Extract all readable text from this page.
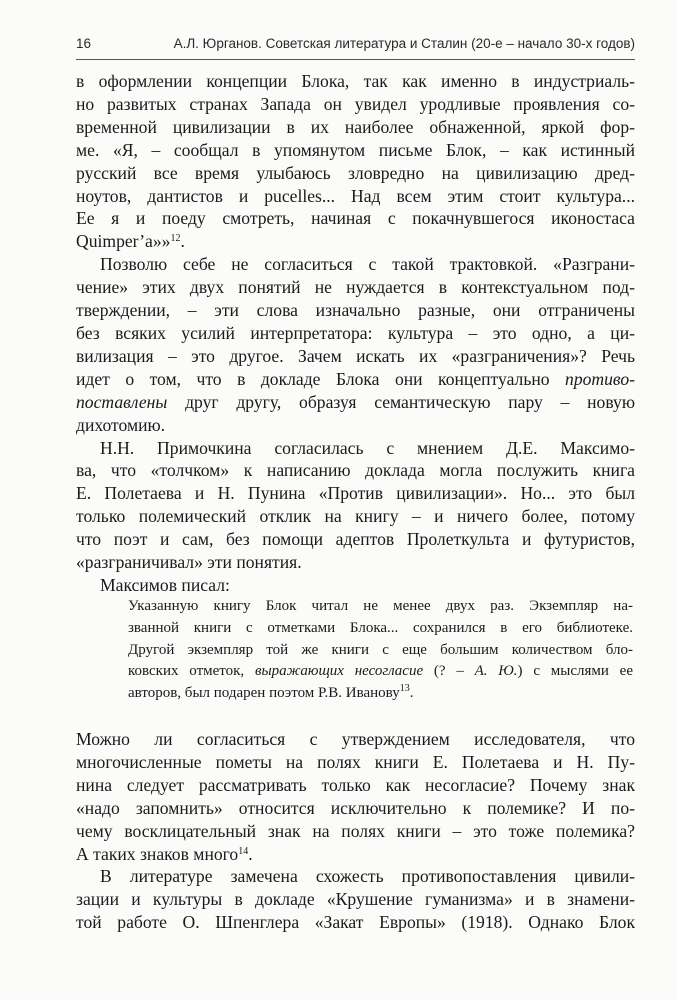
16	А.Л. Юрганов. Советская литература и Сталин (20-е – начало 30-х годов)
в оформлении концепции Блока, так как именно в индустриаль-
но развитых странах Запада он увидел уродливые проявления со-
временной цивилизации в их наиболее обнаженной, яркой фор-
ме. «Я, – сообщал в упомянутом письме Блок, – как истинный
русский все время улыбаюсь зловредно на цивилизацию дред-
ноутов, дантистов и pucelles... Над всем этим стоит культура...
Ее я и поеду смотреть, начиная с покачнувшегося иконостаса
Quimper’а»»$^{12}$.
Позволю себе не согласиться с такой трактовкой. «Разграни-
чение» этих двух понятий не нуждается в контекстуальном под-
тверждении, – эти слова изначально разные, они отграничены
без всяких усилий интерпретатора: культура – это одно, а ци-
вилизация – это другое. Зачем искать их «разграничения»? Речь
идет о том, что в докладе Блока они концептуально противо-
поставлены друг другу, образуя семантическую пару – новую
дихотомию.
Н.Н. Примочкина согласилась с мнением Д.Е. Максимо-
ва, что «толчком» к написанию доклада могла послужить книга
Е. Полетаева и Н. Пунина «Против цивилизации». Но... это был
только полемический отклик на книгу – и ничего более, потому
что поэт и сам, без помощи адептов Пролеткульта и футуристов,
«разграничивал» эти понятия.
Максимов писал:
Указанную книгу Блок читал не менее двух раз. Экземпляр на-
званной книги с отметками Блока... сохранился в его библиотеке.
Другой экземпляр той же книги с еще большим количеством бло-
ковских отметок, выражающих несогласие (? – А. Ю.) с мыслями ее
авторов, был подарен поэтом Р.В. Иванову$^{13}$.
Можно ли согласиться с утверждением исследователя, что
многочисленные пометы на полях книги Е. Полетаева и Н. Пу-
нина следует рассматривать только как несогласие? Почему знак
«надо запомнить» относится исключительно к полемике? И по-
чему восклицательный знак на полях книги – это тоже полемика?
А таких знаков много$^{14}$.
В литературе замечена схожесть противопоставления цивили-
зации и культуры в докладе «Крушение гуманизма» и в знамени-
той работе О. Шпенглера «Закат Европы» (1918). Однако Блок
